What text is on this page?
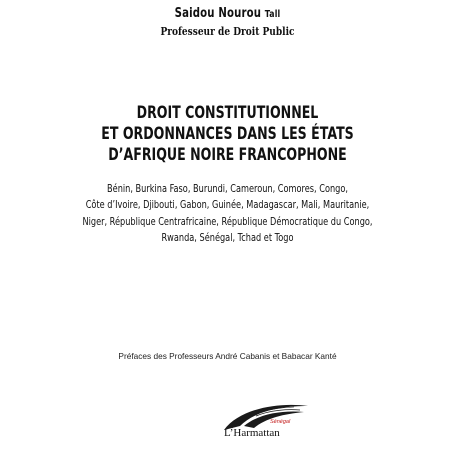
Saidou Nourou Tall
Professeur de Droit Public
DROIT CONSTITUTIONNEL
ET ORDONNANCES DANS LES ÉTATS
D’AFRIQUE NOIRE FRANCOPHONE
Bénin, Burkina Faso, Burundi, Cameroun, Comores, Congo,
Côte d’Ivoire, Djibouti, Gabon, Guinée, Madagascar, Mali, Mauritanie,
Niger, République Centrafricaine, République Démocratique du Congo,
Rwanda, Sénégal, Tchad et Togo
Préfaces des Professeurs André Cabanis et Babacar Kanté
Sénégal
L’Harmattan
